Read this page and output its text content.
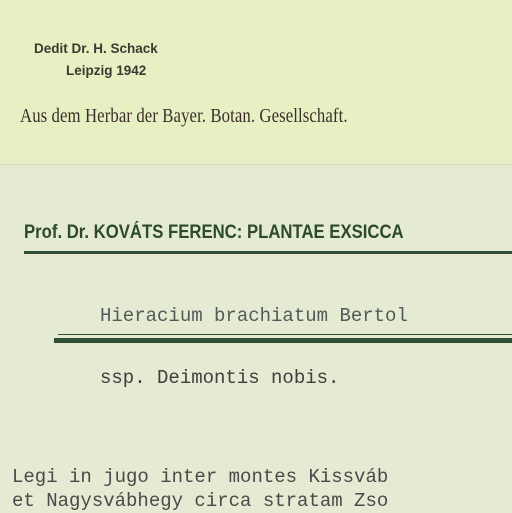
Dedit Dr. H. Schack
Leipzig 1942
Aus dem Herbar der Bayer. Botan. Gesellschaft.
Prof. Dr. KOVÁTS FERENC: PLANTAE EXSICCA
Hieracium brachiatum Bertol
ssp. Deimontis nobis.
Legi in jugo inter montes Kissváb
et Nagysvábhegy circa stratam Zso
